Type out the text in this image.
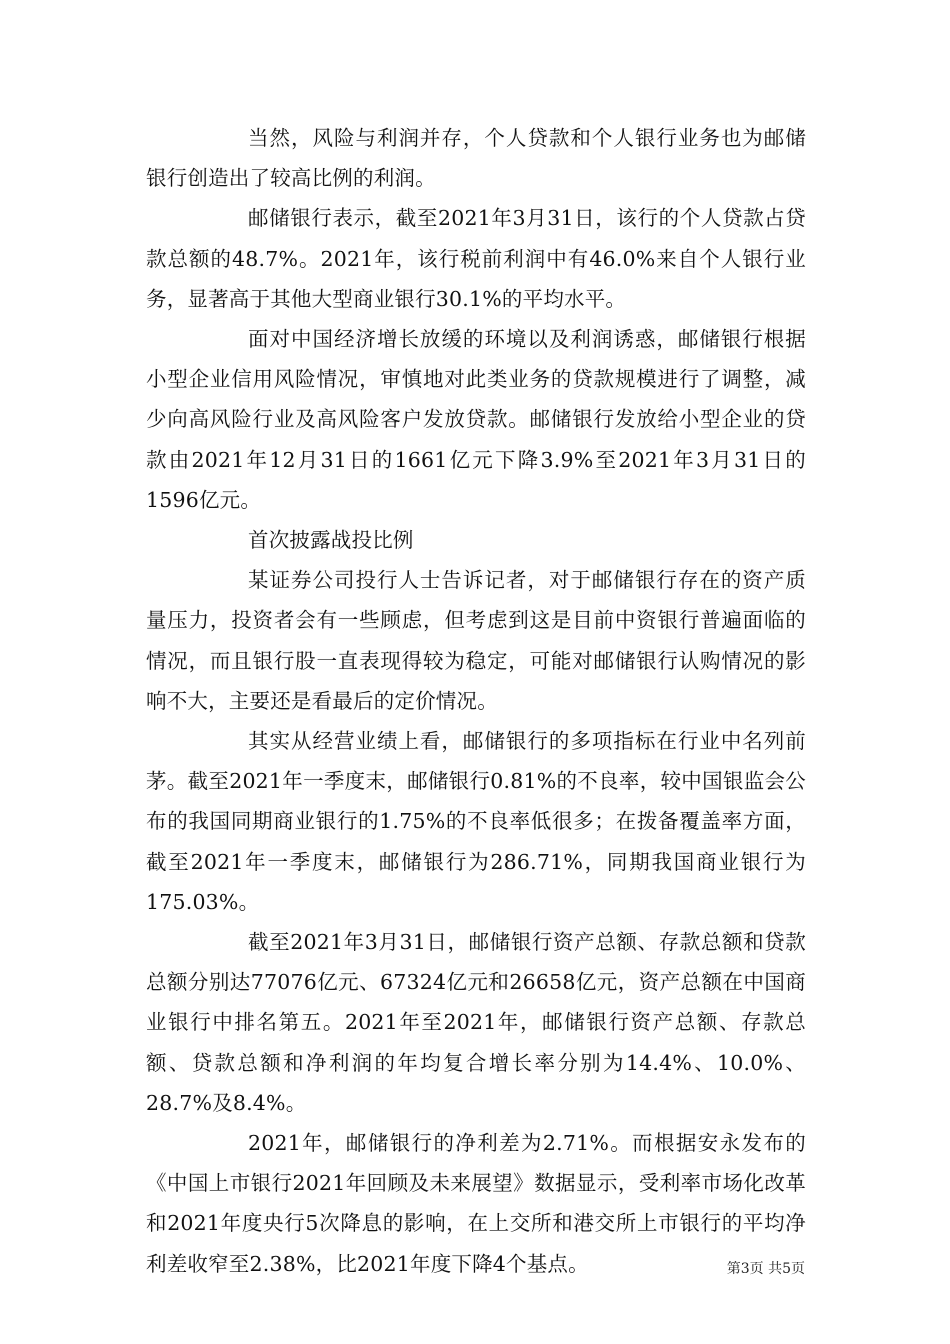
当然，风险与利润并存，个人贷款和个人银行业务也为邮储银行创造出了较高比例的利润。

邮储银行表示，截至2021年3月31日，该行的个人贷款占贷款总额的48.7%。2021年，该行税前利润中有46.0%来自个人银行业务，显著高于其他大型商业银行30.1%的平均水平。

面对中国经济增长放缓的环境以及利润诱惑，邮储银行根据小型企业信用风险情况，审慎地对此类业务的贷款规模进行了调整，减少向高风险行业及高风险客户发放贷款。邮储银行发放给小型企业的贷款由2021年12月31日的1661亿元下降3.9%至2021年3月31日的1596亿元。

首次披露战投比例

某证券公司投行人士告诉记者，对于邮储银行存在的资产质量压力，投资者会有一些顾虑，但考虑到这是目前中资银行普遍面临的情况，而且银行股一直表现得较为稳定，可能对邮储银行认购情况的影响不大，主要还是看最后的定价情况。

其实从经营业绩上看，邮储银行的多项指标在行业中名列前茅。截至2021年一季度末，邮储银行0.81%的不良率，较中国银监会公布的我国同期商业银行的1.75%的不良率低很多；在拨备覆盖率方面，截至2021年一季度末，邮储银行为286.71%，同期我国商业银行为175.03%。

截至2021年3月31日，邮储银行资产总额、存款总额和贷款总额分别达77076亿元、67324亿元和26658亿元，资产总额在中国商业银行中排名第五。2021年至2021年，邮储银行资产总额、存款总额、贷款总额和净利润的年均复合增长率分别为14.4%、10.0%、28.7%及8.4%。

2021年，邮储银行的净利差为2.71%。而根据安永发布的《中国上市银行2021年回顾及未来展望》数据显示，受利率市场化改革和2021年度央行5次降息的影响，在上交所和港交所上市银行的平均净利差收窄至2.38%，比2021年度下降4个基点。	第3页 共5页
